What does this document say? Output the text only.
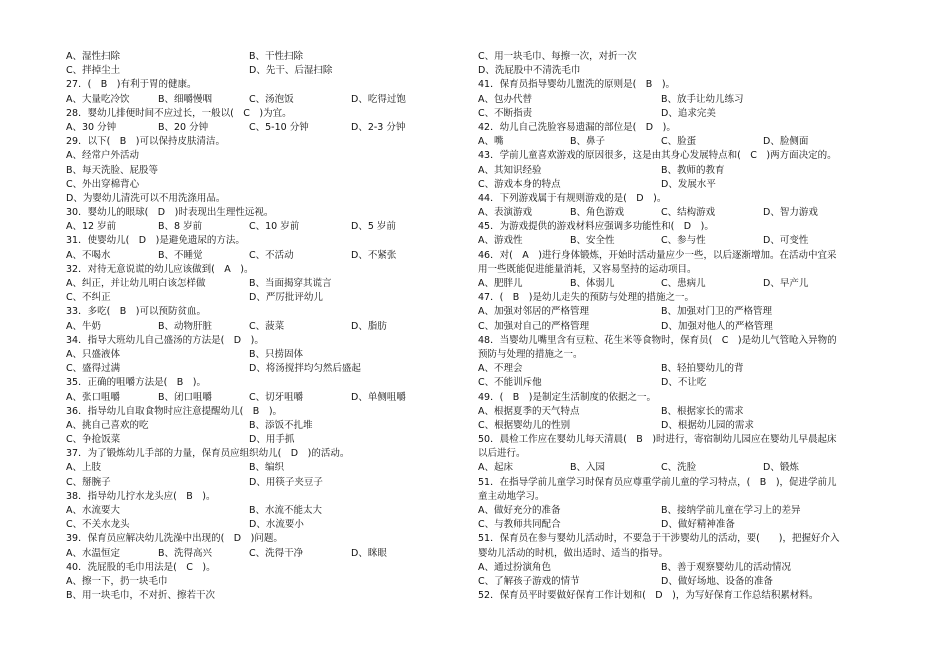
A、湿性扫除	B、干性扫除
C、拌掉尘土	D、先干、后湿扫除
27．(　B　)有利于胃的健康。
A、大量吃冷饮	B、细嚼慢咽	C、汤泡饭	D、吃得过饱
28．婴幼儿排便时间不应过长，一般以(　C　)为宜。
A、30 分钟	B、20 分钟	C、5-10 分钟	D、2-3 分钟
29．以下(　B　)可以保持皮肤清洁。
A、经常户外活动
B、每天洗脸、屁股等
C、外出穿棉背心
D、为婴幼儿清洗可以不用洗涤用品。
30．婴幼儿的眼球(　D　)时表现出生理性远视。
A、12 岁前	B、8 岁前	C、10 岁前	D、5 岁前
31．使婴幼儿(　D　)是避免遗尿的方法。
A、不喝水	B、不睡觉	C、不活动	D、不紧张
32．对待无意说谎的幼儿应该做到(　A　)。
A、纠正，并让幼儿明白该怎样做	B、当面揭穿其谎言
C、不纠正	D、严厉批评幼儿
33．多吃(　B　)可以预防贫血。
A、牛奶	B、动物肝脏	C、菠菜	D、脂肪
34．指导大班幼儿自己盛汤的方法是(　D　)。
A、只盛液体	B、只捞固体
C、盛得过满	D、将汤搅拌均匀然后盛起
35．正确的咀嚼方法是(　B　)。
A、张口咀嚼	B、闭口咀嚼	C、切牙咀嚼	D、单侧咀嚼
36．指导幼儿自取食物时应注意提醒幼儿(　B　)。
A、挑自己喜欢的吃	B、添饭不扎堆
C、争抢饭菜	D、用手抓
37．为了锻炼幼儿手部的力量，保育员应组织幼儿(　D　)的活动。
A、上肢	B、编织
C、掰腕子	D、用筷子夹豆子
38．指导幼儿拧水龙头应(　B　)。
A、水流要大	B、水流不能太大
C、不关水龙头	D、水流要小
39．保育员应解决幼儿洗澡中出现的(　D　)问题。
A、水温恒定	B、洗得高兴	C、洗得干净	D、眯眼
40．洗屁股的毛巾用法是(　C　)。
A、擦一下，扔一块毛巾
B、用一块毛巾，不对折、擦若干次
C、用一块毛巾、每擦一次，对折一次
D、洗屁股中不清洗毛巾
41．保育员指导婴幼儿盥洗的原则是(　B　)。
A、包办代替	B、放手让幼儿练习
C、不断指责	D、追求完美
42．幼儿自己洗脸容易遗漏的部位是(　D　)。
A、嘴	B、鼻子	C、脸蛋	D、脸侧面
43．学前儿童喜欢游戏的原因很多，这是由其身心发展特点和(　C　)两方面决定的。
A、其知识经验	B、教师的教育
C、游戏本身的特点	D、发展水平
44．下列游戏属于有规则游戏的是(　D　)。
A、表演游戏	B、角色游戏	C、结构游戏	D、智力游戏
45．为游戏提供的游戏材料应强调多功能性和(　D　)。
A、游戏性	B、安全性	C、参与性	D、可变性
46．对(　A　)进行身体锻炼，开始时活动量应少一些，以后逐渐增加。在活动中宜采
用一些既能促进能量消耗，又容易坚持的运动项目。
A、肥胖儿	B、体弱儿	C、患病儿	D、早产儿
47．(　B　)是幼儿走失的预防与处理的措施之一。
A、加强对邻居的严格管理	B、加强对门卫的严格管理
C、加强对自己的严格管理	D、加强对他人的严格管理
48．当婴幼儿嘴里含有豆粒、花生米等食物时，保育员(　C　)是幼儿气管呛入异物的
预防与处理的措施之一。
A、不理会	B、轻拍婴幼儿的背
C、不能训斥他	D、不让吃
49．(　B　)是制定生活制度的依据之一。
A、根据夏季的天气特点	B、根据家长的需求
C、根据婴幼儿的性别	D、根据幼儿园的需求
50．晨检工作应在婴幼儿每天清晨(　B　)时进行，寄宿制幼儿园应在婴幼儿早晨起床
以后进行。
A、起床	B、入园	C、洗脸	D、锻炼
51．在指导学前儿童学习时保育员应尊重学前儿童的学习特点，(　B　)，促进学前儿
童主动地学习。
A、做好充分的准备	B、接纳学前儿童在学习上的差异
C、与教师共同配合	D、做好精神准备
51．保育员在参与婴幼儿活动时，不要急于干涉婴幼儿的活动，要(　　)，把握好介入
婴幼儿活动的时机，做出适时、适当的指导。
A、通过扮演角色	B、善于观察婴幼儿的活动情况
C、了解孩子游戏的情节	D、做好场地、设备的准备
52．保育员平时要做好保育工作计划和(　D　)，为写好保育工作总结积累材料。
